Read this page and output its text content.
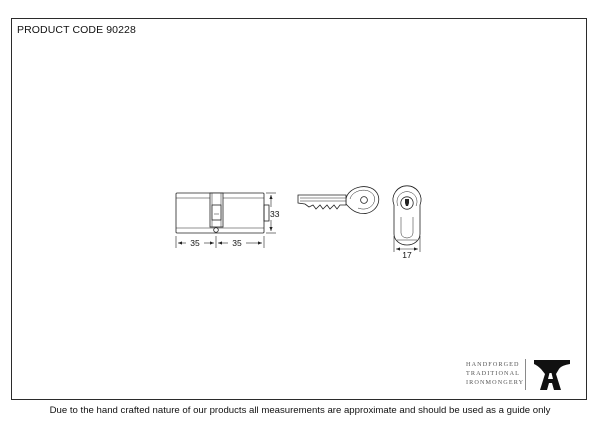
PRODUCT CODE 90228
35	35
33
17
HANDFORGED
TRADITIONAL
IRONMONGERY
Due to the hand crafted nature of our products all measurements are approximate and should be used as a guide only
